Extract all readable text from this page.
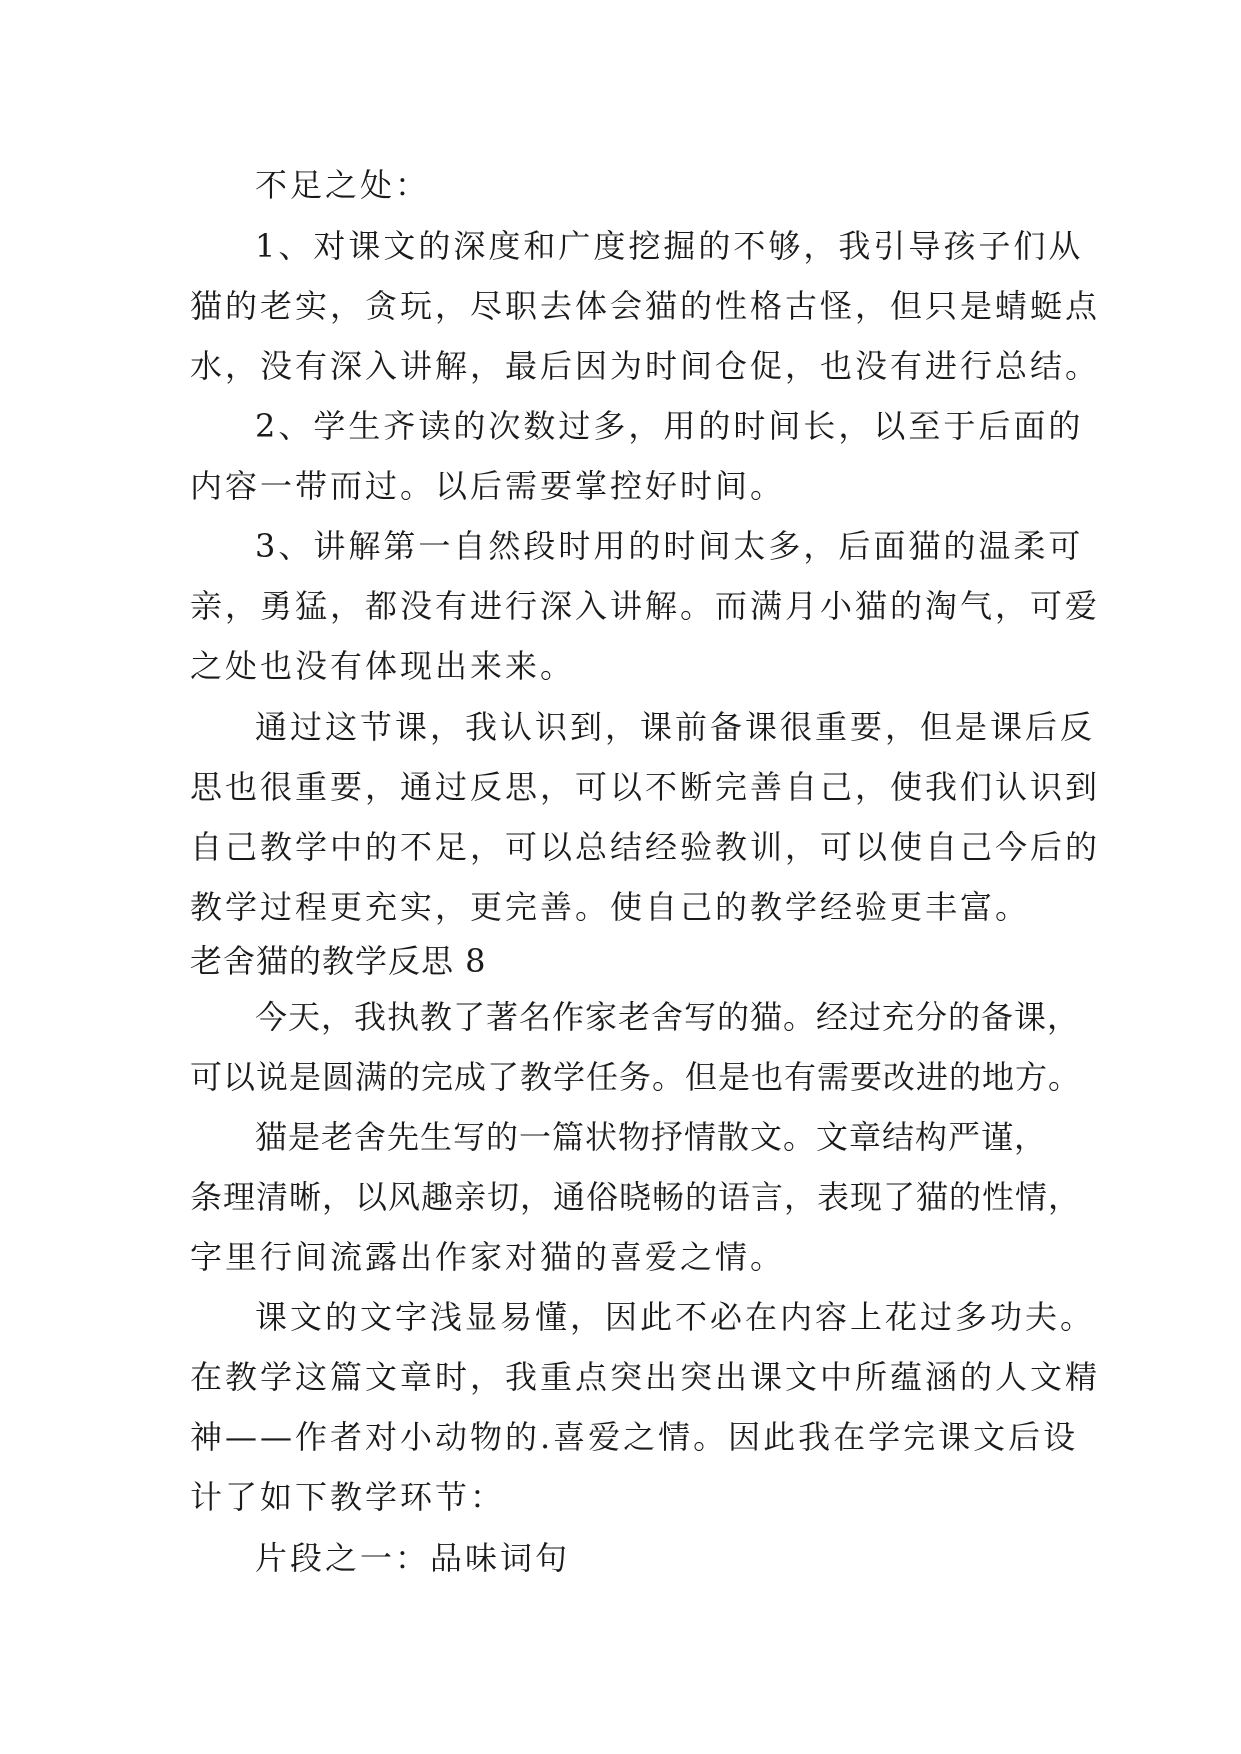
不足之处：
1、对课文的深度和广度挖掘的不够，我引导孩子们从
猫的老实，贪玩，尽职去体会猫的性格古怪，但只是蜻蜓点
水，没有深入讲解，最后因为时间仓促，也没有进行总结。
2、学生齐读的次数过多，用的时间长，以至于后面的
内容一带而过。以后需要掌控好时间。
3、讲解第一自然段时用的时间太多，后面猫的温柔可
亲，勇猛，都没有进行深入讲解。而满月小猫的淘气，可爱
之处也没有体现出来来。
通过这节课，我认识到，课前备课很重要，但是课后反
思也很重要，通过反思，可以不断完善自己，使我们认识到
自己教学中的不足，可以总结经验教训，可以使自己今后的
教学过程更充实，更完善。使自己的教学经验更丰富。
老舍猫的教学反思 8
今天，我执教了著名作家老舍写的猫。经过充分的备课，
可以说是圆满的完成了教学任务。但是也有需要改进的地方。
猫是老舍先生写的一篇状物抒情散文。文章结构严谨，
条理清晰，以风趣亲切，通俗晓畅的语言，表现了猫的性情，
字里行间流露出作家对猫的喜爱之情。
课文的文字浅显易懂，因此不必在内容上花过多功夫。
在教学这篇文章时，我重点突出突出课文中所蕴涵的人文精
神——作者对小动物的.喜爱之情。因此我在学完课文后设
计了如下教学环节：
片段之一：品味词句
